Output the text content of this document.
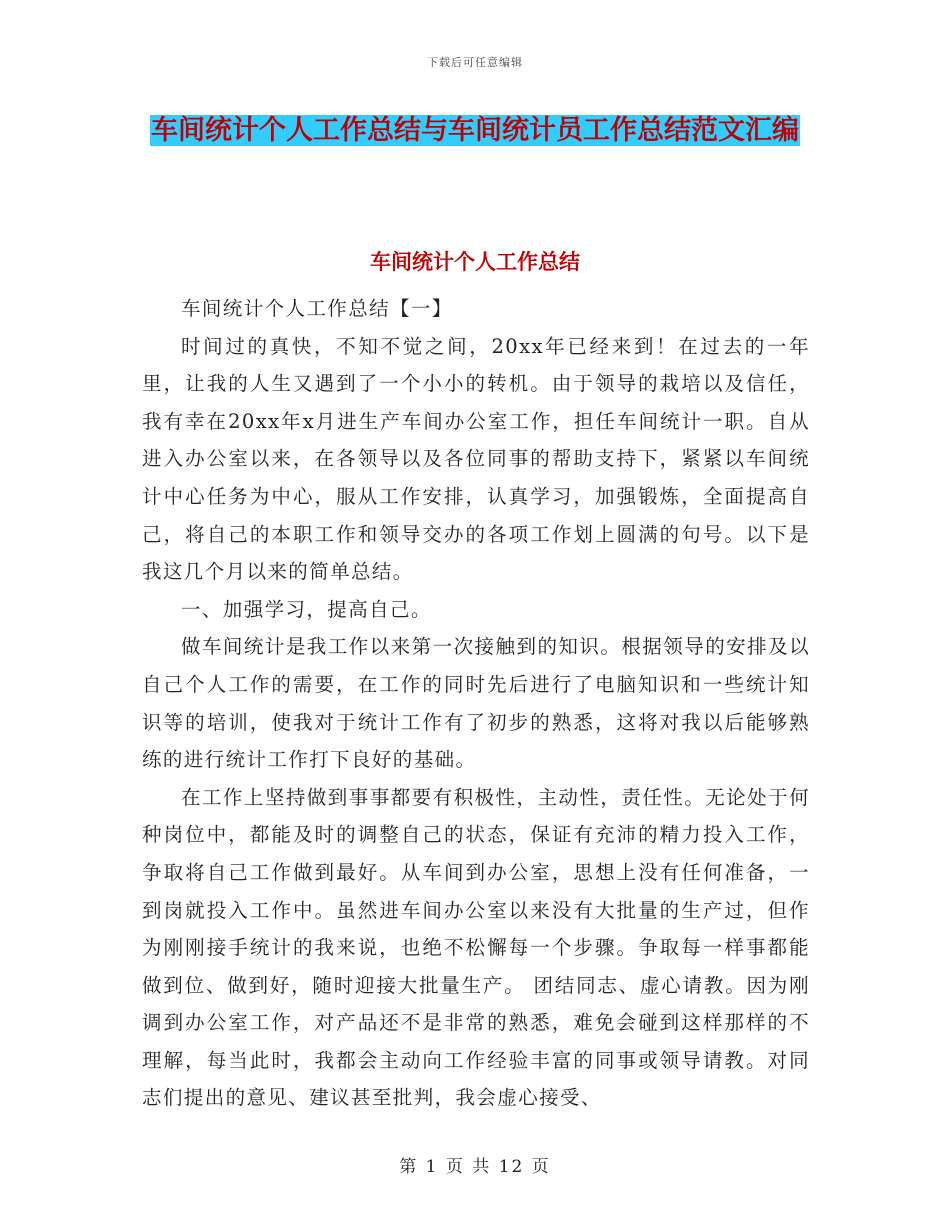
下载后可任意编辑
车间统计个人工作总结与车间统计员工作总结范文汇编
车间统计个人工作总结

车间统计个人工作总结【一】

时间过的真快，不知不觉之间，20xx年已经来到！在过去的一年里，让我的人生又遇到了一个小小的转机。由于领导的栽培以及信任，我有幸在20xx年x月进生产车间办公室工作，担任车间统计一职。自从进入办公室以来，在各领导以及各位同事的帮助支持下，紧紧以车间统计中心任务为中心，服从工作安排，认真学习，加强锻炼，全面提高自己，将自己的本职工作和领导交办的各项工作划上圆满的句号。以下是我这几个月以来的简单总结。

一、加强学习，提高自己。

做车间统计是我工作以来第一次接触到的知识。根据领导的安排及以自己个人工作的需要，在工作的同时先后进行了电脑知识和一些统计知识等的培训，使我对于统计工作有了初步的熟悉，这将对我以后能够熟练的进行统计工作打下良好的基础。

在工作上坚持做到事事都要有积极性，主动性，责任性。无论处于何种岗位中，都能及时的调整自己的状态，保证有充沛的精力投入工作，争取将自己工作做到最好。从车间到办公室，思想上没有任何准备，一到岗就投入工作中。虽然进车间办公室以来没有大批量的生产过，但作为刚刚接手统计的我来说，也绝不松懈每一个步骤。争取每一样事都能做到位、做到好，随时迎接大批量生产。 团结同志、虚心请教。因为刚调到办公室工作，对产品还不是非常的熟悉，难免会碰到这样那样的不理解，每当此时，我都会主动向工作经验丰富的同事或领导请教。对同志们提出的意见、建议甚至批判，我会虚心接受、

第 1 页 共 12 页
